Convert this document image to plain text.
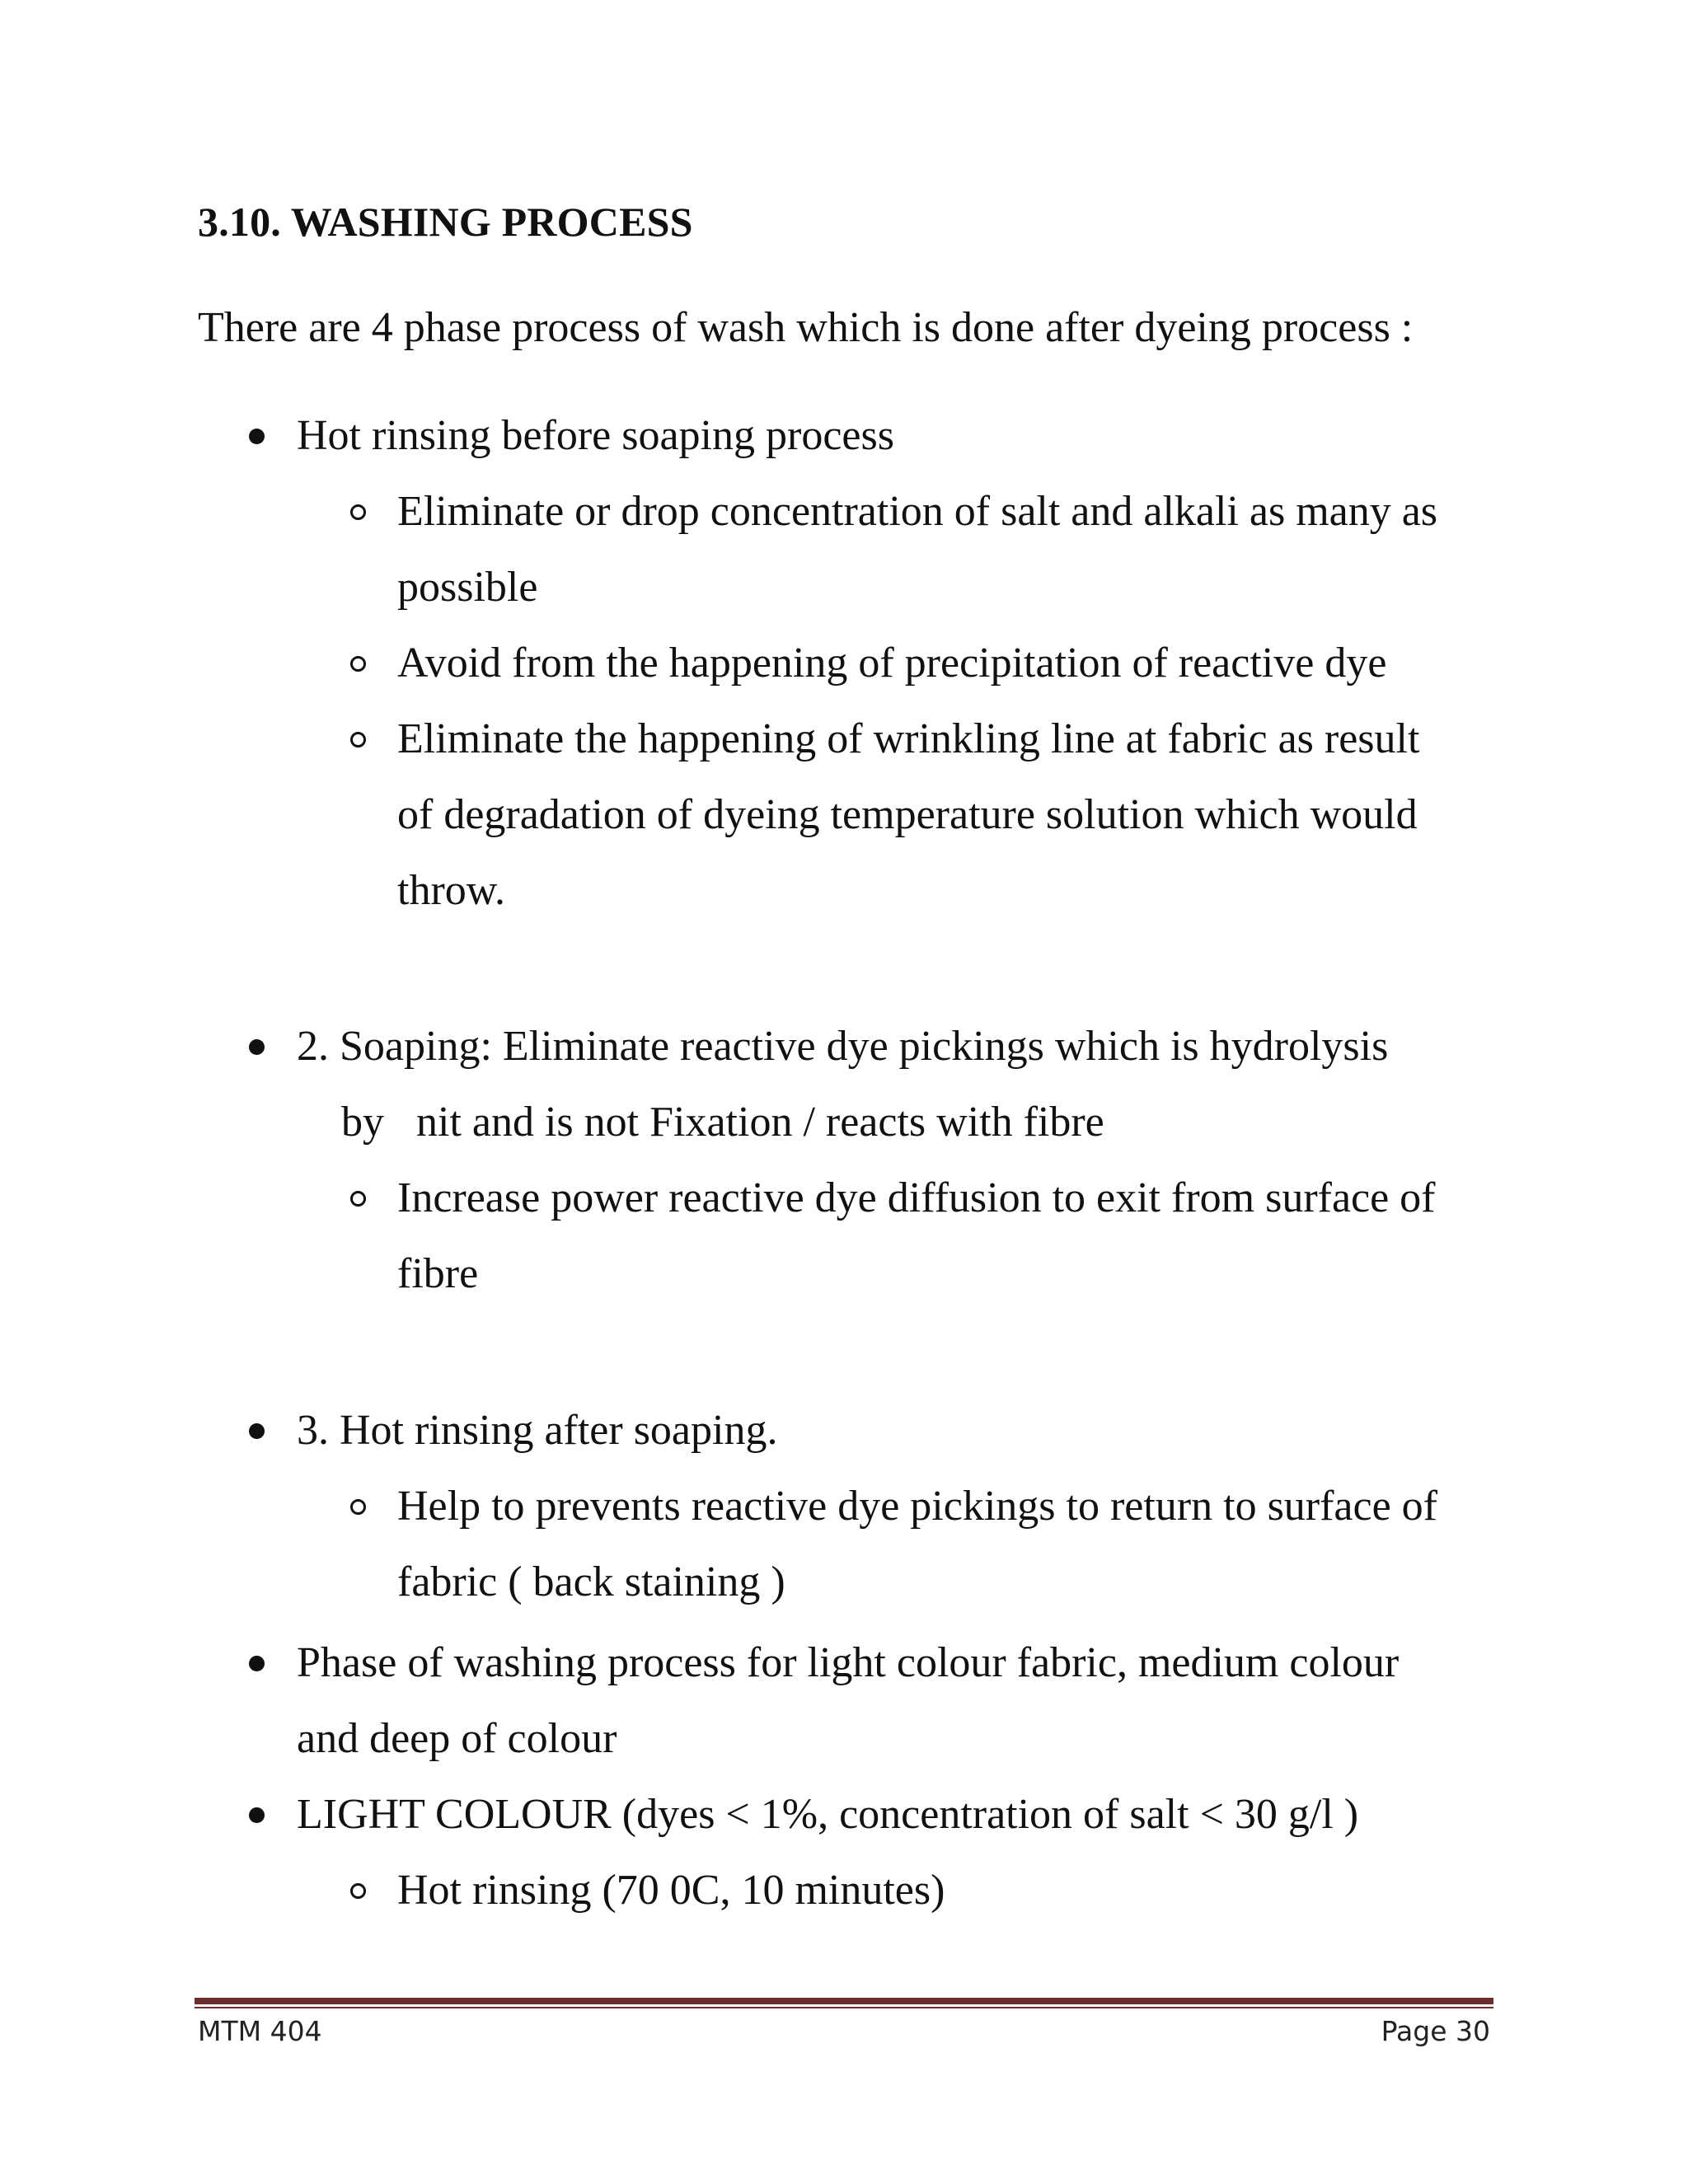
3.10. WASHING PROCESS
There are 4 phase process of wash which is done after dyeing process :
Hot rinsing before soaping process
Eliminate or drop concentration of salt and alkali as many as
possible
Avoid from the happening of precipitation of reactive dye
Eliminate the happening of wrinkling line at fabric as result
of degradation of dyeing temperature solution which would
throw.
2. Soaping: Eliminate reactive dye pickings which is hydrolysis
by   nit and is not Fixation / reacts with fibre
Increase power reactive dye diffusion to exit from surface of
fibre
3. Hot rinsing after soaping.
Help to prevents reactive dye pickings to return to surface of
fabric ( back staining )
Phase of washing process for light colour fabric, medium colour
and deep of colour
LIGHT COLOUR (dyes < 1%, concentration of salt < 30 g/l )
Hot rinsing (70 0C, 10 minutes)
MTM 404	Page 30
